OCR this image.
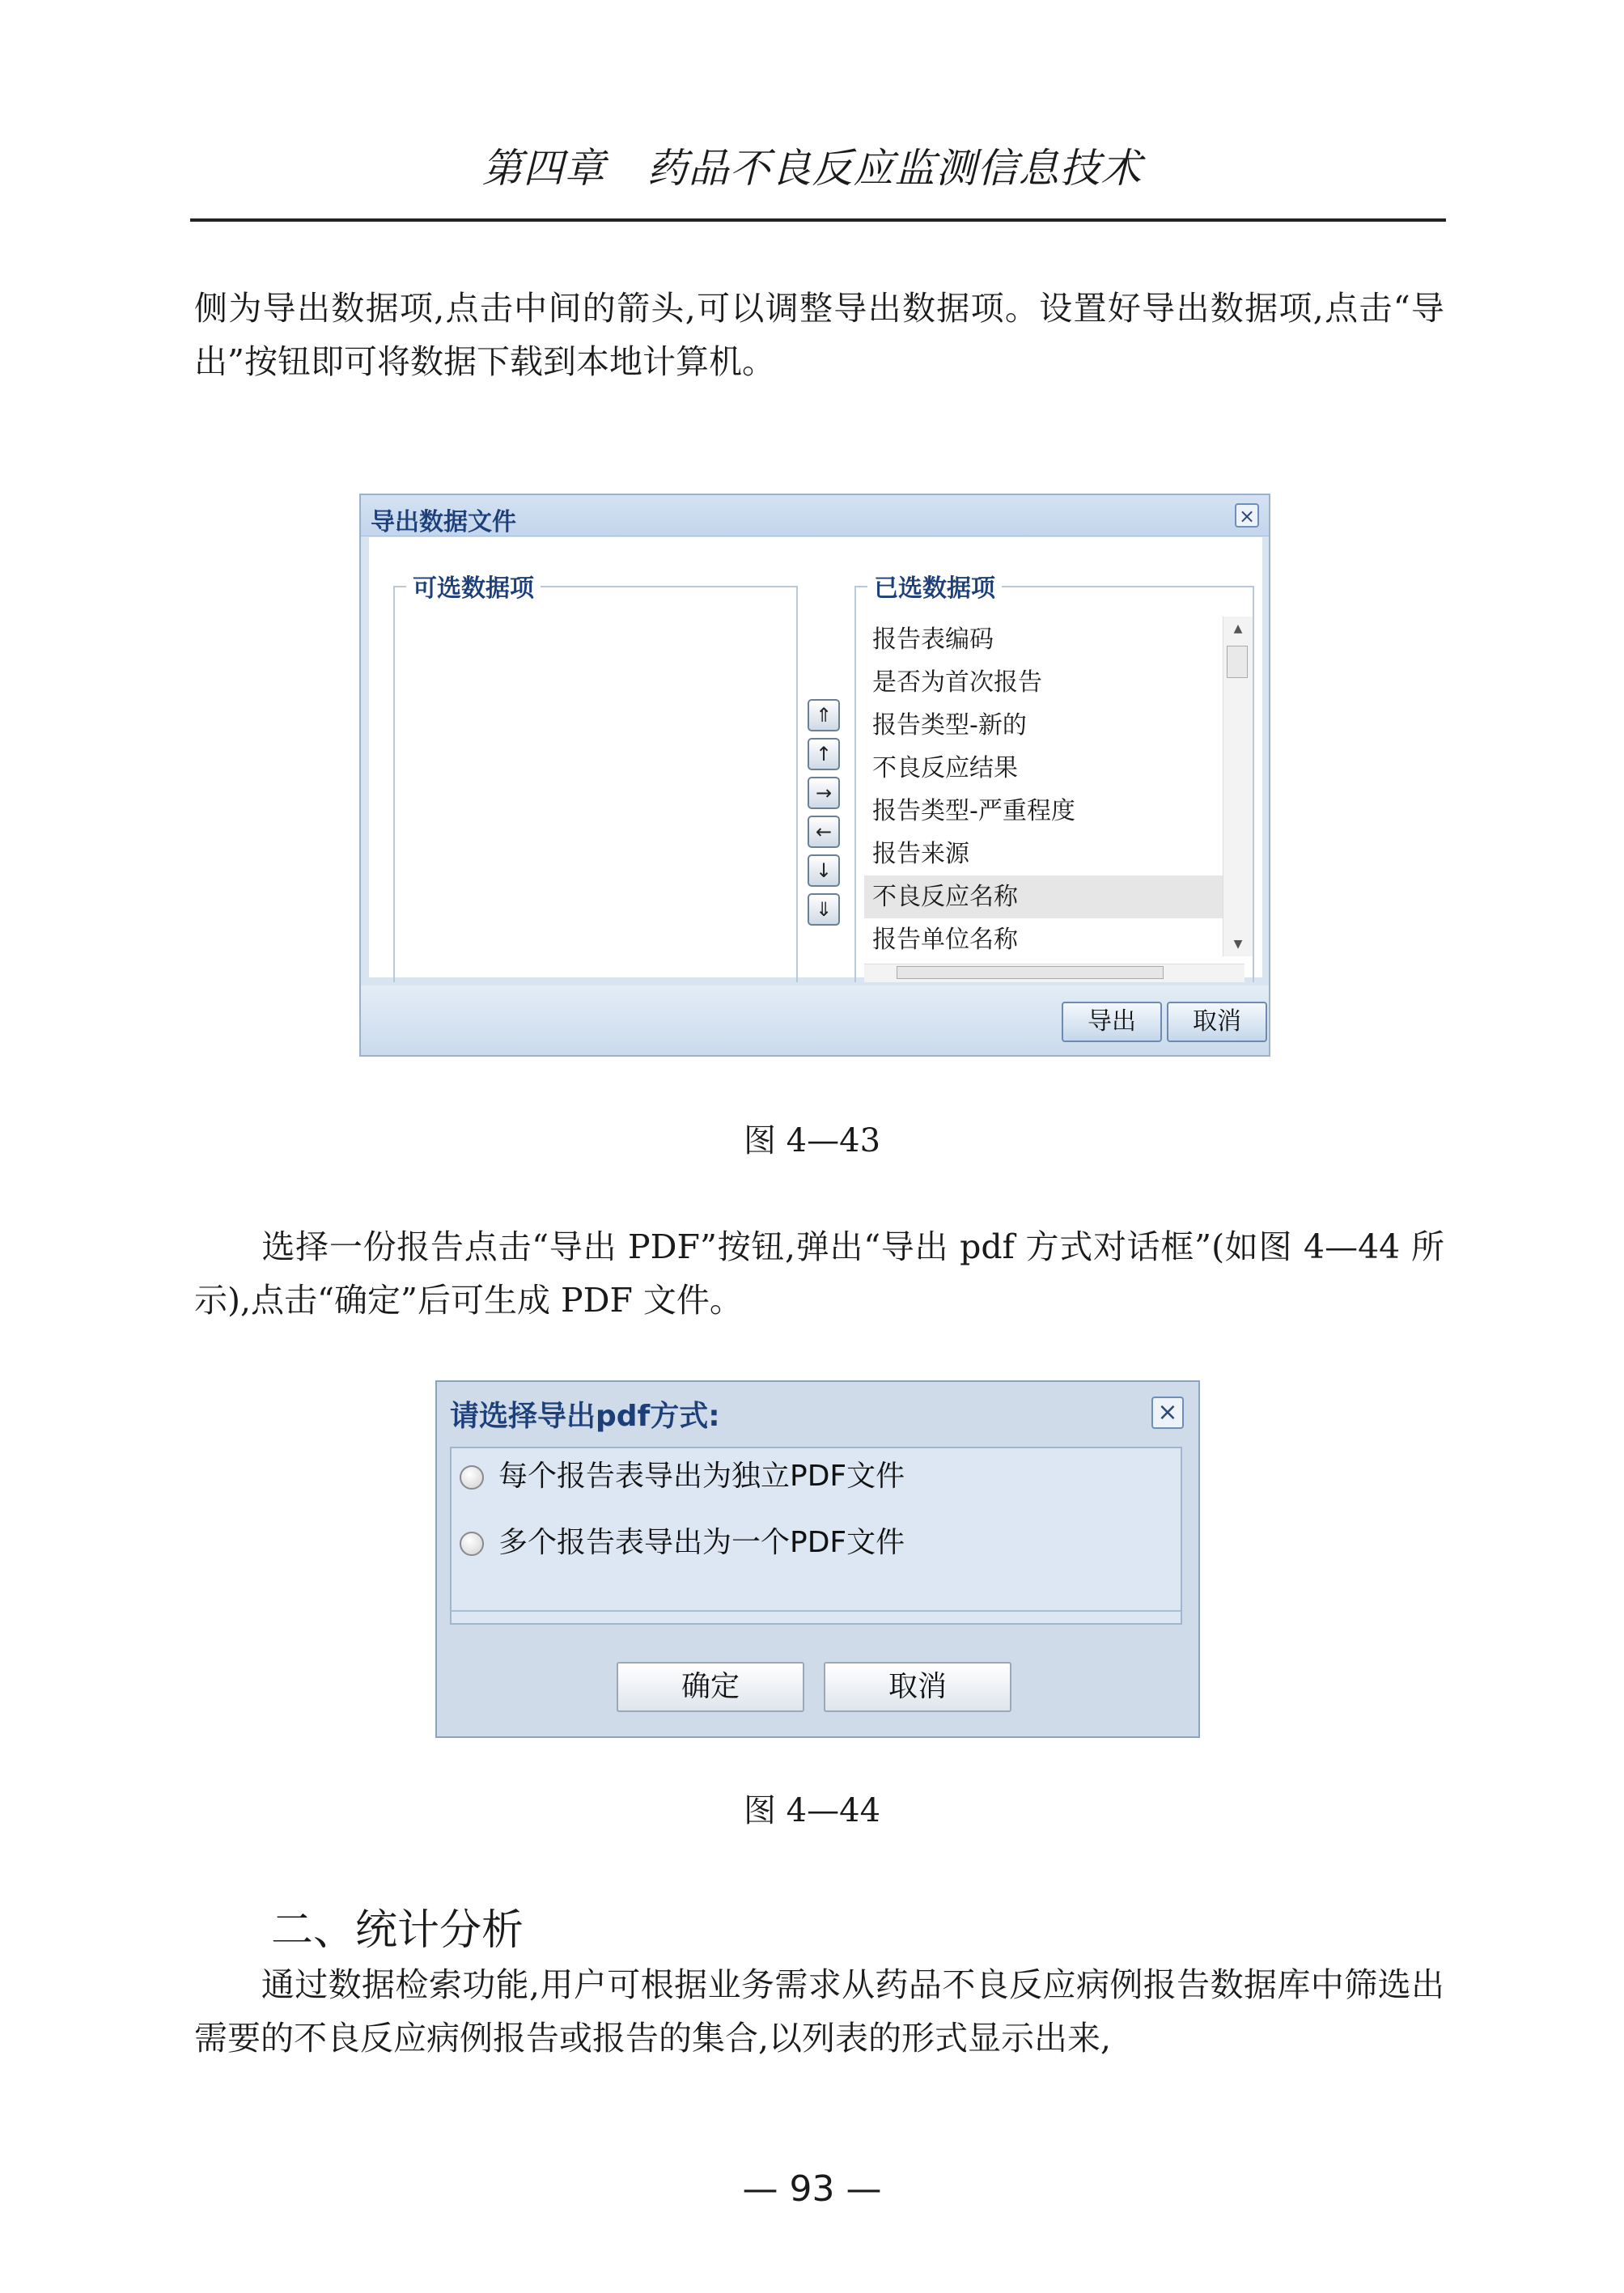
第四章　药品不良反应监测信息技术
侧为导出数据项,点击中间的箭头,可以调整导出数据项。设置好导出数据项,点击“导出”按钮即可将数据下载到本地计算机。
导出数据文件	×
可选数据项
⇑
↑
→
←
↓
⇓
已选数据项
报告表编码
是否为首次报告
报告类型-新的
不良反应结果
报告类型-严重程度
报告来源
不良反应名称
报告单位名称
▲
▼
导出	取消
图 4—43
　　选择一份报告点击“导出 PDF”按钮,弹出“导出 pdf 方式对话框”(如图 4—44 所示),点击“确定”后可生成 PDF 文件。
请选择导出pdf方式:	×
每个报告表导出为独立PDF文件
多个报告表导出为一个PDF文件
确定	取消
图 4—44
二、统计分析
　　通过数据检索功能,用户可根据业务需求从药品不良反应病例报告数据库中筛选出需要的不良反应病例报告或报告的集合,以列表的形式显示出来,
— 93 —
